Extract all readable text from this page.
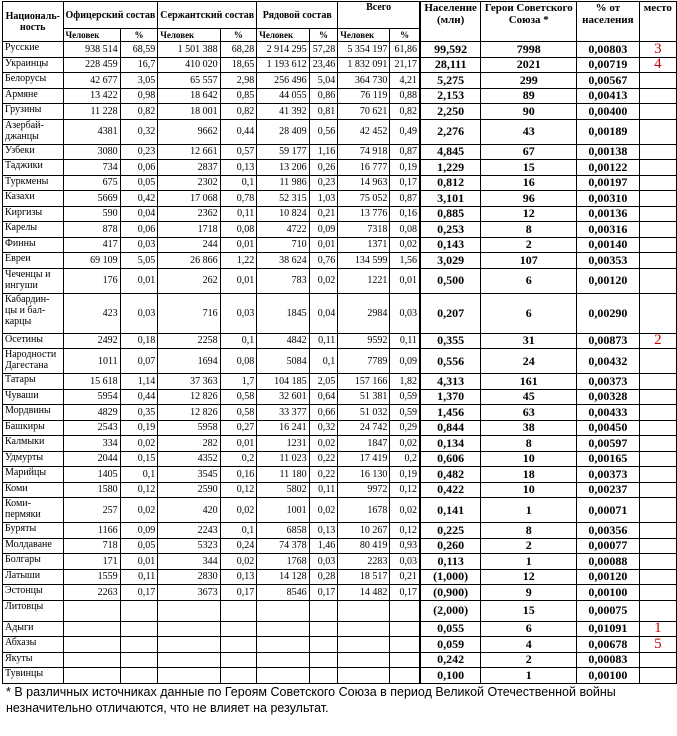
Националь-ность	Офицерский состав		Сержантский состав		Рядовой состав		Всего		Население (млн)	Герои Советского Союза *	% от населения	место
	Человек	%	Человек	%	Человек	%	Человек	%				
Русские	938 514	68,59	1 501 388	68,28	2 914 295	57,28	5 354 197	61,86	99,592	7998	0,00803	3
Украинцы	228 459	16,7	410 020	18,65	1 193 612	23,46	1 832 091	21,17	28,111	2021	0,00719	4
Белорусы	42 677	3,05	65 557	2,98	256 496	5,04	364 730	4,21	5,275	299	0,00567	
Армяне	13 422	0,98	18 642	0,85	44 055	0,86	76 119	0,88	2,153	89	0,00413	
Грузины	11 228	0,82	18 001	0,82	41 392	0,81	70 621	0,82	2,250	90	0,00400	
Азербай-джанцы	4381	0,32	9662	0,44	28 409	0,56	42 452	0,49	2,276	43	0,00189	
Узбеки	3080	0,23	12 661	0,57	59 177	1,16	74 918	0,87	4,845	67	0,00138	
Таджики	734	0,06	2837	0,13	13 206	0,26	16 777	0,19	1,229	15	0,00122	
Туркмены	675	0,05	2302	0,1	11 986	0,23	14 963	0,17	0,812	16	0,00197	
Казахи	5669	0,42	17 068	0,78	52 315	1,03	75 052	0,87	3,101	96	0,00310	
Киргизы	590	0,04	2362	0,11	10 824	0,21	13 776	0,16	0,885	12	0,00136	
Карелы	878	0,06	1718	0,08	4722	0,09	7318	0,08	0,253	8	0,00316	
Финны	417	0,03	244	0,01	710	0,01	1371	0,02	0,143	2	0,00140	
Евреи	69 109	5,05	26 866	1,22	38 624	0,76	134 599	1,56	3,029	107	0,00353	
Чеченцы и ингуши	176	0,01	262	0,01	783	0,02	1221	0,01	0,500	6	0,00120	
Кабардин-цы и бал-карцы	423	0,03	716	0,03	1845	0,04	2984	0,03	0,207	6	0,00290	
Осетины	2492	0,18	2258	0,1	4842	0,11	9592	0,11	0,355	31	0,00873	2
Народности Дагестана	1011	0,07	1694	0,08	5084	0,1	7789	0,09	0,556	24	0,00432	
Татары	15 618	1,14	37 363	1,7	104 185	2,05	157 166	1,82	4,313	161	0,00373	
Чуваши	5954	0,44	12 826	0,58	32 601	0,64	51 381	0,59	1,370	45	0,00328	
Мордвины	4829	0,35	12 826	0,58	33 377	0,66	51 032	0,59	1,456	63	0,00433	
Башкиры	2543	0,19	5958	0,27	16 241	0,32	24 742	0,29	0,844	38	0,00450	
Калмыки	334	0,02	282	0,01	1231	0,02	1847	0,02	0,134	8	0,00597	
Удмурты	2044	0,15	4352	0,2	11 023	0,22	17 419	0,2	0,606	10	0,00165	
Марийцы	1405	0,1	3545	0,16	11 180	0,22	16 130	0,19	0,482	18	0,00373	
Коми	1580	0,12	2590	0,12	5802	0,11	9972	0,12	0,422	10	0,00237	
Коми-пермяки	257	0,02	420	0,02	1001	0,02	1678	0,02	0,141	1	0,00071	
Буряты	1166	0,09	2243	0,1	6858	0,13	10 267	0,12	0,225	8	0,00356	
Молдаване	718	0,05	5323	0,24	74 378	1,46	80 419	0,93	0,260	2	0,00077	
Болгары	171	0,01	344	0,02	1768	0,03	2283	0,03	0,113	1	0,00088	
Латыши	1559	0,11	2830	0,13	14 128	0,28	18 517	0,21	(1,000)	12	0,00120	
Эстонцы	2263	0,17	3673	0,17	8546	0,17	14 482	0,17	(0,900)	9	0,00100	
Литовцы									(2,000)	15	0,00075	
Адыги									0,055	6	0,01091	1
Абхазы									0,059	4	0,00678	5
Якуты									0,242	2	0,00083	
Тувинцы									0,100	1	0,00100	
* В различных источниках данные по Героям Советского Союза в период Великой Отечественной войны незначительно отличаются, что не влияет на результат.
